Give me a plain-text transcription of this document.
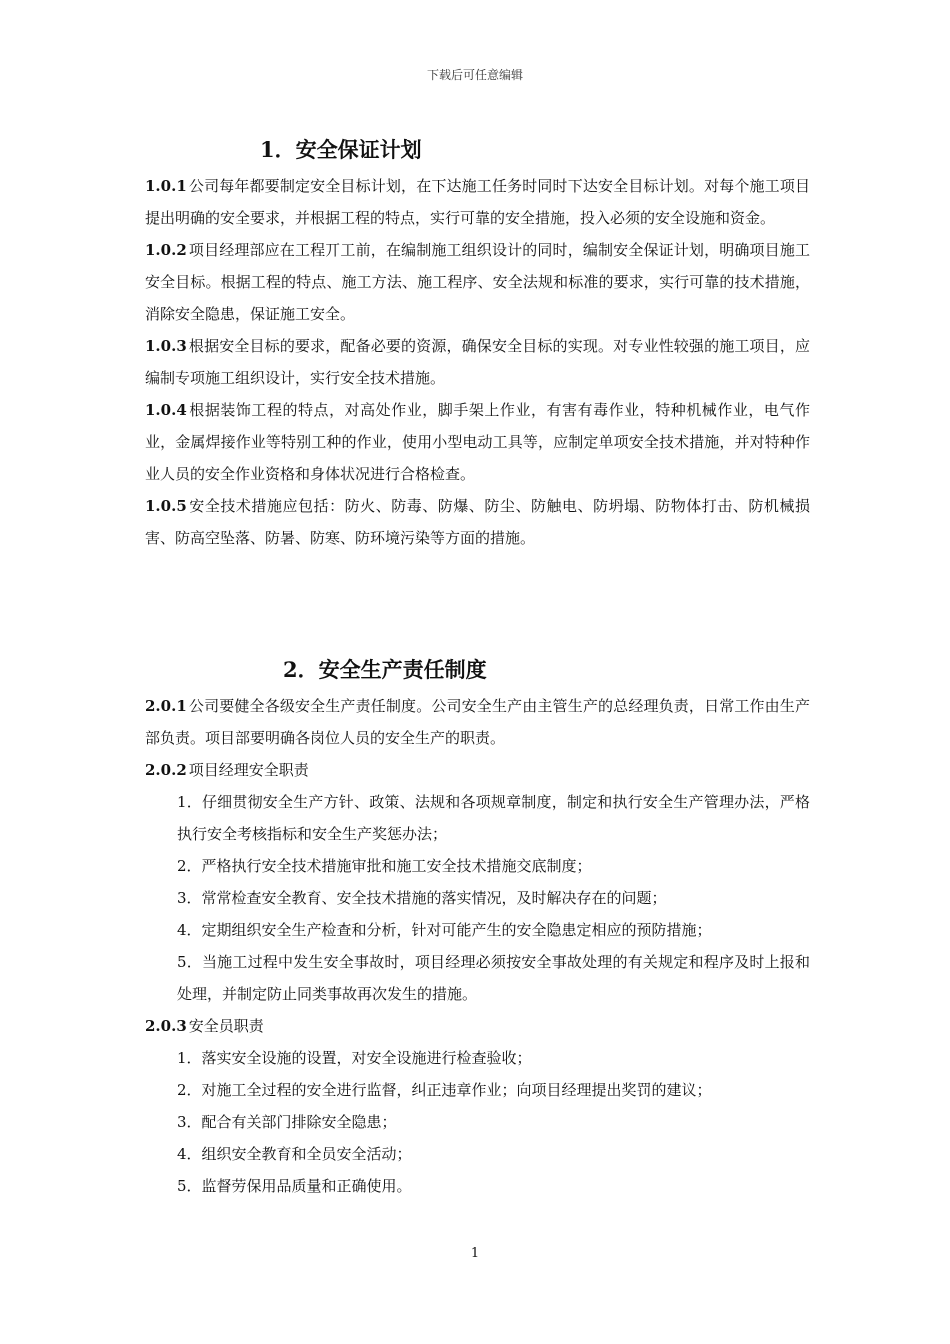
下载后可任意编辑
1．安全保证计划

1.0.1 公司每年都要制定安全目标计划，在下达施工任务时同时下达安全目标计划。对每个施工项目提出明确的安全要求，并根据工程的特点，实行可靠的安全措施，投入必须的安全设施和资金。

1.0.2 项目经理部应在工程丌工前，在编制施工组织设计的同时，编制安全保证计划，明确项目施工安全目标。根据工程的特点、施工方法、施工程序、安全法规和标准的要求，实行可靠的技术措施，消除安全隐患，保证施工安全。

1.0.3 根据安全目标的要求，配备必要的资源，确保安全目标的实现。对专业性较强的施工项目，应编制专项施工组织设计，实行安全技术措施。

1.0.4 根据装饰工程的特点，对高处作业，脚手架上作业，有害有毒作业，特种机械作业，电气作业，金属焊接作业等特别工种的作业，使用小型电动工具等，应制定单项安全技术措施，并对特种作业人员的安全作业资格和身体状况进行合格检查。

1.0.5 安全技术措施应包括：防火、防毒、防爆、防尘、防触电、防坍塌、防物体打击、防机械损害、防高空坠落、防暑、防寒、防环境污染等方面的措施。

2．安全生产责任制度

2.0.1 公司要健全各级安全生产责任制度。公司安全生产由主管生产的总经理负责，日常工作由生产部负责。项目部要明确各岗位人员的安全生产的职责。

2.0.2 项目经理安全职责

1．仔细贯彻安全生产方针、政策、法规和各项规章制度，制定和执行安全生产管理办法，严格执行安全考核指标和安全生产奖惩办法；

2．严格执行安全技术措施审批和施工安全技术措施交底制度；

3．常常检查安全教育、安全技术措施的落实情况，及时解决存在的问题；

4．定期组织安全生产检查和分析，针对可能产生的安全隐患定相应的预防措施；

5．当施工过程中发生安全事故时，项目经理必须按安全事故处理的有关规定和程序及时上报和处理，并制定防止同类事故再次发生的措施。

2.0.3 安全员职责

1．落实安全设施的设置，对安全设施进行检查验收；

2．对施工全过程的安全进行监督，纠正违章作业；向项目经理提出奖罚的建议；

3．配合有关部门排除安全隐患；

4．组织安全教育和全员安全活动；

5．监督劳保用品质量和正确使用。

1
